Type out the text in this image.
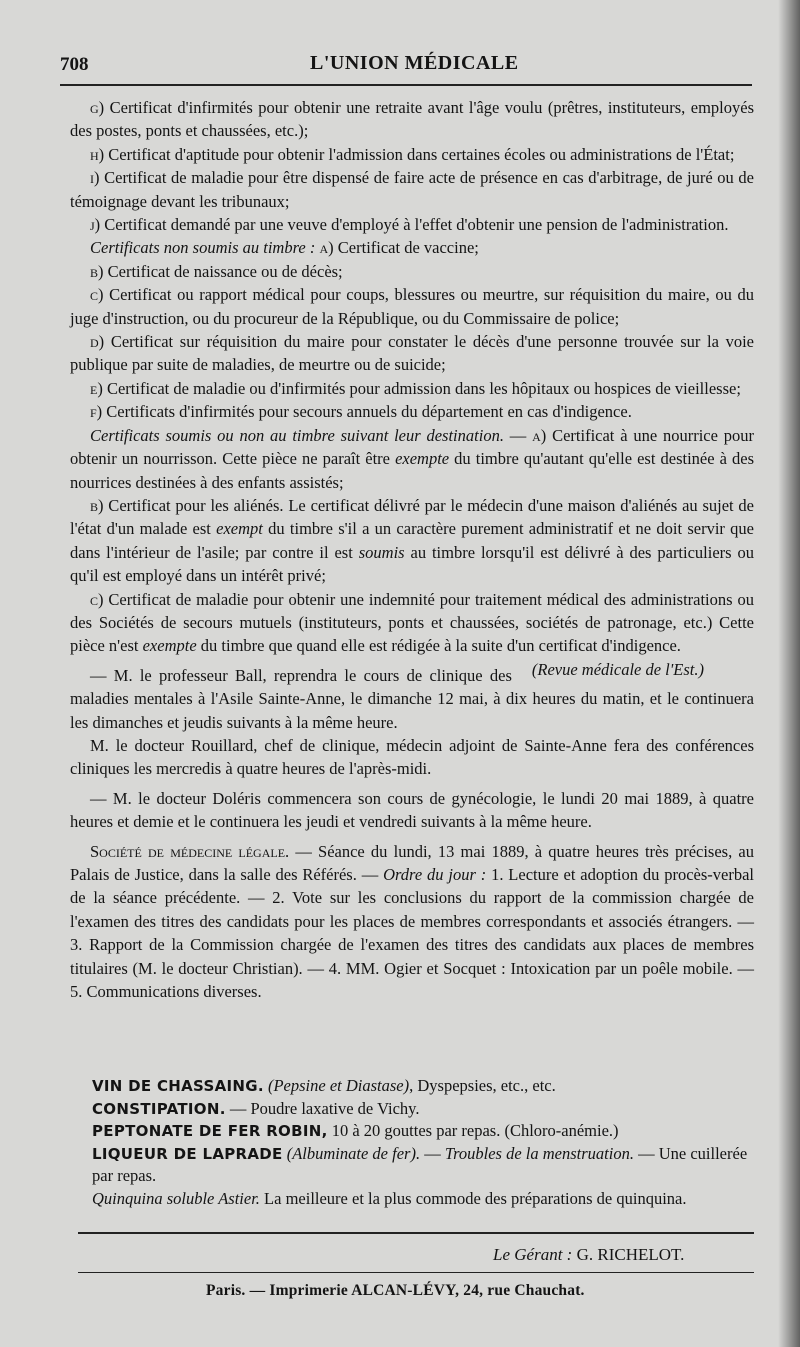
708	L'UNION MÉDICALE

g) Certificat d'infirmités pour obtenir une retraite avant l'âge voulu (prêtres, instituteurs, employés des postes, ponts et chaussées, etc.);

h) Certificat d'aptitude pour obtenir l'admission dans certaines écoles ou administrations de l'État;

i) Certificat de maladie pour être dispensé de faire acte de présence en cas d'arbitrage, de juré ou de témoignage devant les tribunaux;

j) Certificat demandé par une veuve d'employé à l'effet d'obtenir une pension de l'administration.

Certificats non soumis au timbre : a) Certificat de vaccine;

b) Certificat de naissance ou de décès;

c) Certificat ou rapport médical pour coups, blessures ou meurtre, sur réquisition du maire, ou du juge d'instruction, ou du procureur de la République, ou du Commissaire de police;

d) Certificat sur réquisition du maire pour constater le décès d'une personne trouvée sur la voie publique par suite de maladies, de meurtre ou de suicide;

e) Certificat de maladie ou d'infirmités pour admission dans les hôpitaux ou hospices de vieillesse;

f) Certificats d'infirmités pour secours annuels du département en cas d'indigence.

Certificats soumis ou non au timbre suivant leur destination. — a) Certificat à une nourrice pour obtenir un nourrisson. Cette pièce ne paraît être exempte du timbre qu'autant qu'elle est destinée à des nourrices destinées à des enfants assistés;

b) Certificat pour les aliénés. Le certificat délivré par le médecin d'une maison d'aliénés au sujet de l'état d'un malade est exempt du timbre s'il a un caractère purement administratif et ne doit servir que dans l'intérieur de l'asile; par contre il est soumis au timbre lorsqu'il est délivré à des particuliers ou qu'il est employé dans un intérêt privé;

c) Certificat de maladie pour obtenir une indemnité pour traitement médical des administrations ou des Sociétés de secours mutuels (instituteurs, ponts et chaussées, sociétés de patronage, etc.) Cette pièce n'est exempte du timbre que quand elle est rédigée à la suite d'un certificat d'indigence.
(Revue médicale de l'Est.)

— M. le professeur Ball, reprendra le cours de clinique des maladies mentales à l'Asile Sainte-Anne, le dimanche 12 mai, à dix heures du matin, et le continuera les dimanches et jeudis suivants à la même heure.

M. le docteur Rouillard, chef de clinique, médecin adjoint de Sainte-Anne fera des conférences cliniques les mercredis à quatre heures de l'après-midi.

— M. le docteur Doléris commencera son cours de gynécologie, le lundi 20 mai 1889, à quatre heures et demie et le continuera les jeudi et vendredi suivants à la même heure.

Société de médecine légale. — Séance du lundi, 13 mai 1889, à quatre heures très précises, au Palais de Justice, dans la salle des Référés. — Ordre du jour : 1. Lecture et adoption du procès-verbal de la séance précédente. — 2. Vote sur les conclusions du rapport de la commission chargée de l'examen des titres des candidats pour les places de membres correspondants et associés étrangers. — 3. Rapport de la Commission chargée de l'examen des titres des candidats aux places de membres titulaires (M. le docteur Christian). — 4. MM. Ogier et Socquet : Intoxication par un poêle mobile. — 5. Communications diverses.

VIN DE CHASSAING. (Pepsine et Diastase), Dyspepsies, etc., etc.

CONSTIPATION. — Poudre laxative de Vichy.

PEPTONATE DE FER ROBIN, 10 à 20 gouttes par repas. (Chloro-anémie.)

LIQUEUR DE LAPRADE (Albuminate de fer). — Troubles de la menstruation. — Une cuillerée par repas.

Quinquina soluble Astier. La meilleure et la plus commode des préparations de quinquina.

Le Gérant : G. RICHELOT.
Paris. — Imprimerie ALCAN-LÉVY, 24, rue Chauchat.
